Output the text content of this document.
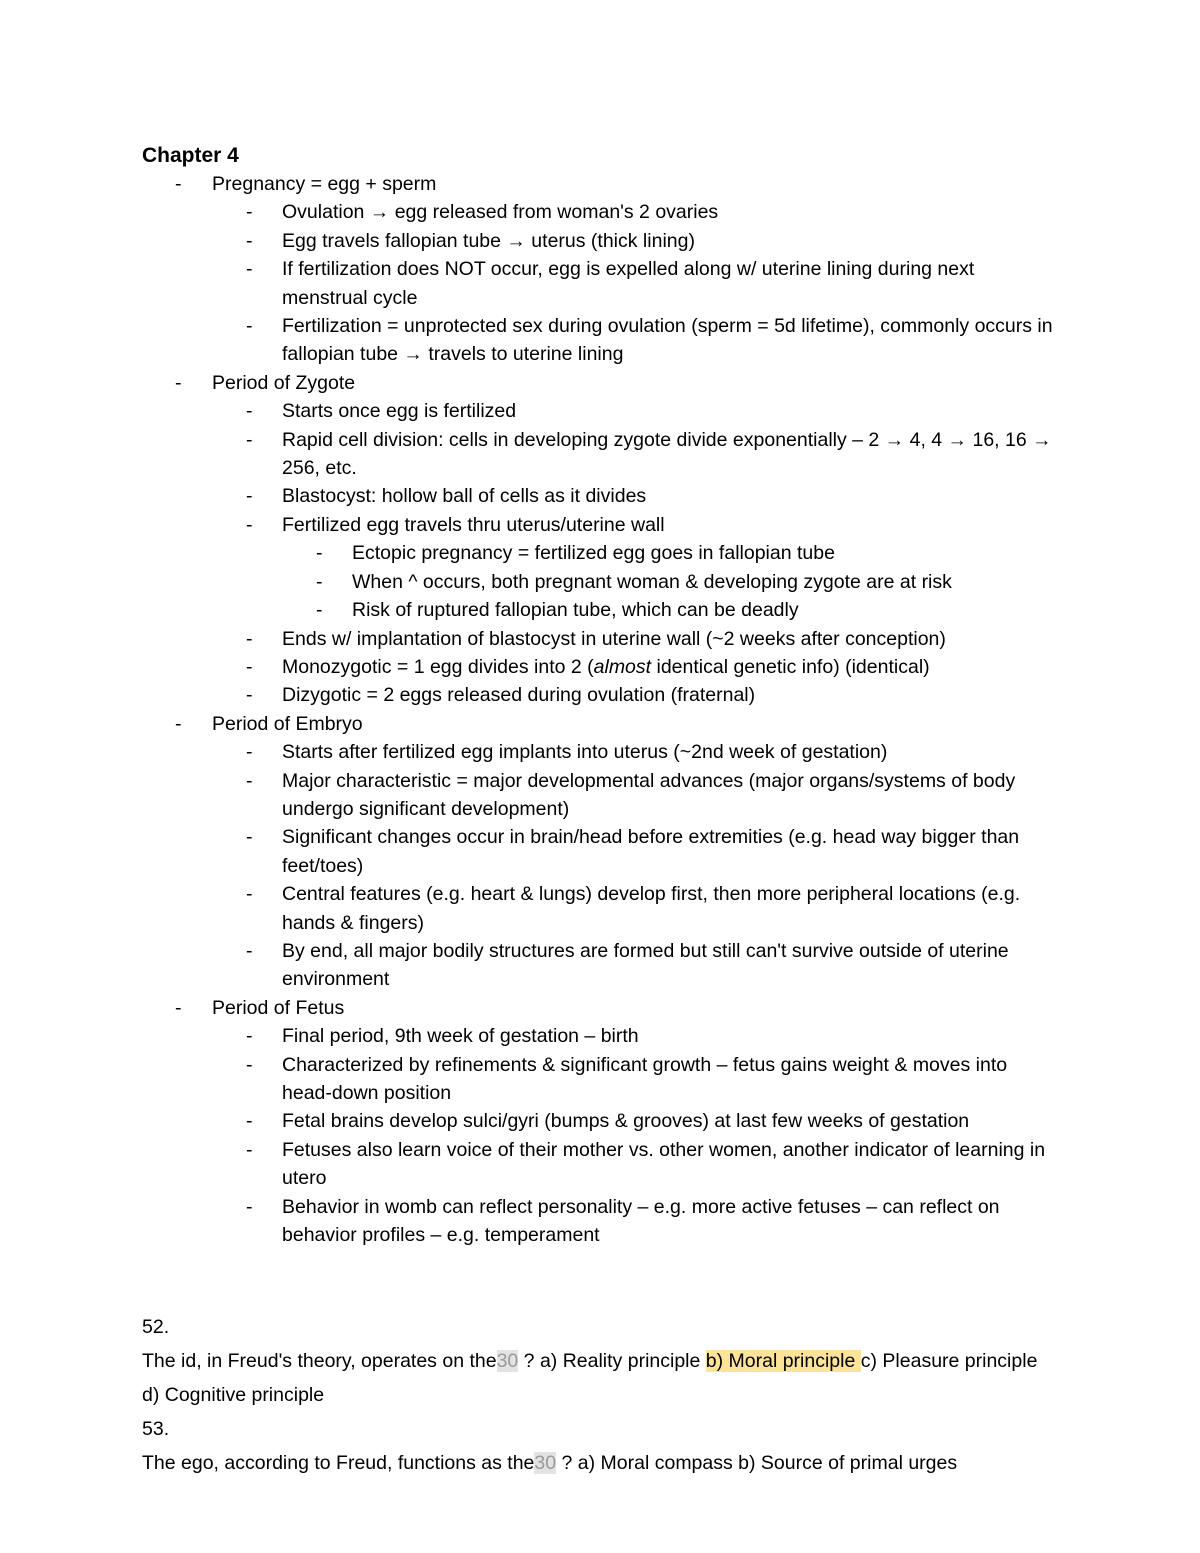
Chapter 4
- Pregnancy = egg + sperm
- Ovulation → egg released from woman's 2 ovaries
- Egg travels fallopian tube → uterus (thick lining)
- If fertilization does NOT occur, egg is expelled along w/ uterine lining during next menstrual cycle
- Fertilization = unprotected sex during ovulation (sperm = 5d lifetime), commonly occurs in fallopian tube → travels to uterine lining
- Period of Zygote
- Starts once egg is fertilized
- Rapid cell division: cells in developing zygote divide exponentially – 2 → 4, 4 → 16, 16 → 256, etc.
- Blastocyst: hollow ball of cells as it divides
- Fertilized egg travels thru uterus/uterine wall
- Ectopic pregnancy = fertilized egg goes in fallopian tube
- When ^ occurs, both pregnant woman & developing zygote are at risk
- Risk of ruptured fallopian tube, which can be deadly
- Ends w/ implantation of blastocyst in uterine wall (~2 weeks after conception)
- Monozygotic = 1 egg divides into 2 (almost identical genetic info) (identical)
- Dizygotic = 2 eggs released during ovulation (fraternal)
- Period of Embryo
- Starts after fertilized egg implants into uterus (~2nd week of gestation)
- Major characteristic = major developmental advances (major organs/systems of body undergo significant development)
- Significant changes occur in brain/head before extremities (e.g. head way bigger than feet/toes)
- Central features (e.g. heart & lungs) develop first, then more peripheral locations (e.g. hands & fingers)
- By end, all major bodily structures are formed but still can't survive outside of uterine environment
- Period of Fetus
- Final period, 9th week of gestation – birth
- Characterized by refinements & significant growth – fetus gains weight & moves into head-down position
- Fetal brains develop sulci/gyri (bumps & grooves) at last few weeks of gestation
- Fetuses also learn voice of their mother vs. other women, another indicator of learning in utero
- Behavior in womb can reflect personality – e.g. more active fetuses – can reflect on behavior profiles – e.g. temperament
52.
The id, in Freud's theory, operates on the30 ? a) Reality principle b) Moral principle c) Pleasure principle d) Cognitive principle
53.
The ego, according to Freud, functions as the30 ? a) Moral compass b) Source of primal urges
